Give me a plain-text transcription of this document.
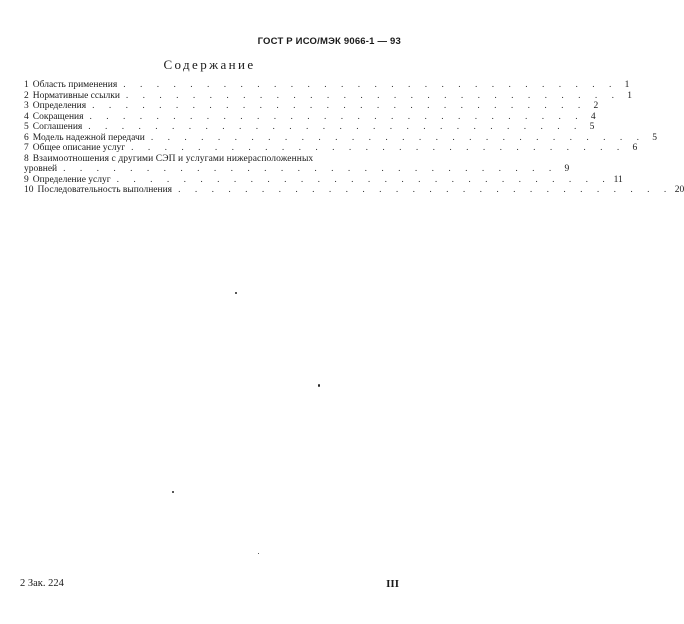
ГОСТ Р ИСО/МЭК 9066-1 — 93
Содержание
1 Область применения . . . . . . . . . . . . . . . . . . . . . . . . . . . . . . 1
2 Нормативные ссылки . . . . . . . . . . . . . . . . . . . . . . . . . . . . . . 1
3 Определения . . . . . . . . . . . . . . . . . . . . . . . . . . . . . . 2
4 Сокращения . . . . . . . . . . . . . . . . . . . . . . . . . . . . . . 4
5 Соглашения . . . . . . . . . . . . . . . . . . . . . . . . . . . . . . 5
6 Модель надежной передачи . . . . . . . . . . . . . . . . . . . . . . . . . . . . . . 5
7 Общее описание услуг . . . . . . . . . . . . . . . . . . . . . . . . . . . . . . 6
8 Взаимоотношения с другими СЭП и услугами нижерасположенных
уровней . . . . . . . . . . . . . . . . . . . . . . . . . . . . . . 9
9 Определение услуг . . . . . . . . . . . . . . . . . . . . . . . . . . . . . . 11
10 Последовательность выполнения . . . . . . . . . . . . . . . . . . . . . . . . . . . . . . 20
2 Зак. 224	III
